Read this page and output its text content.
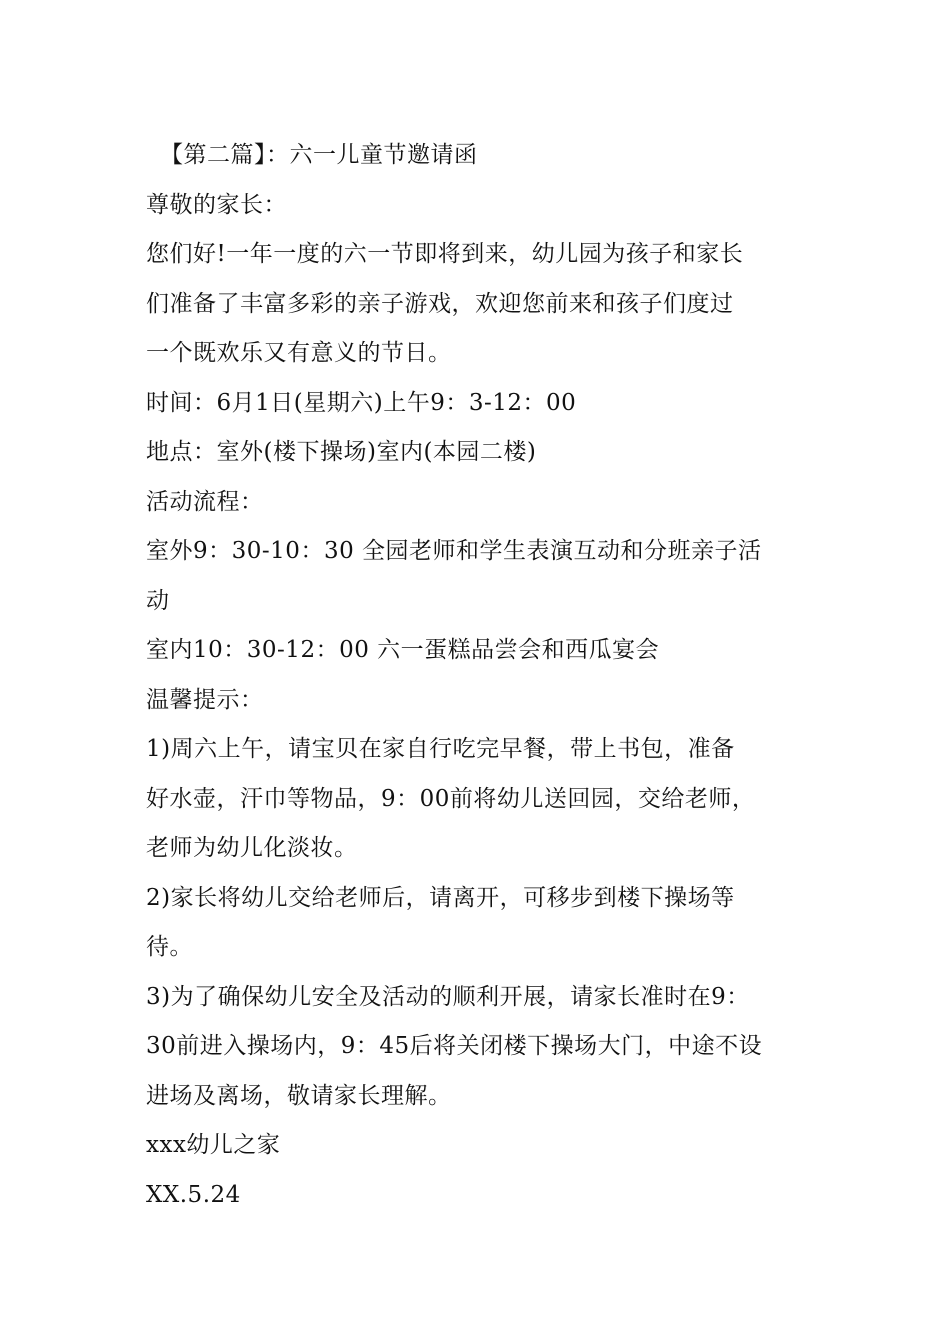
【第二篇】：六一儿童节邀请函
尊敬的家长：
您们好!一年一度的六一节即将到来，幼儿园为孩子和家长
们准备了丰富多彩的亲子游戏，欢迎您前来和孩子们度过
一个既欢乐又有意义的节日。
时间：6月1日(星期六)上午9：3-12：00
地点：室外(楼下操场)室内(本园二楼)
活动流程：
室外9：30-10：30 全园老师和学生表演互动和分班亲子活
动
室内10：30-12：00 六一蛋糕品尝会和西瓜宴会
温馨提示：
1)周六上午，请宝贝在家自行吃完早餐，带上书包，准备
好水壶，汗巾等物品，9：00前将幼儿送回园，交给老师，
老师为幼儿化淡妆。
2)家长将幼儿交给老师后，请离开，可移步到楼下操场等
待。
3)为了确保幼儿安全及活动的顺利开展，请家长准时在9：
30前进入操场内，9：45后将关闭楼下操场大门，中途不设
进场及离场，敬请家长理解。
xxx幼儿之家
XX.5.24
